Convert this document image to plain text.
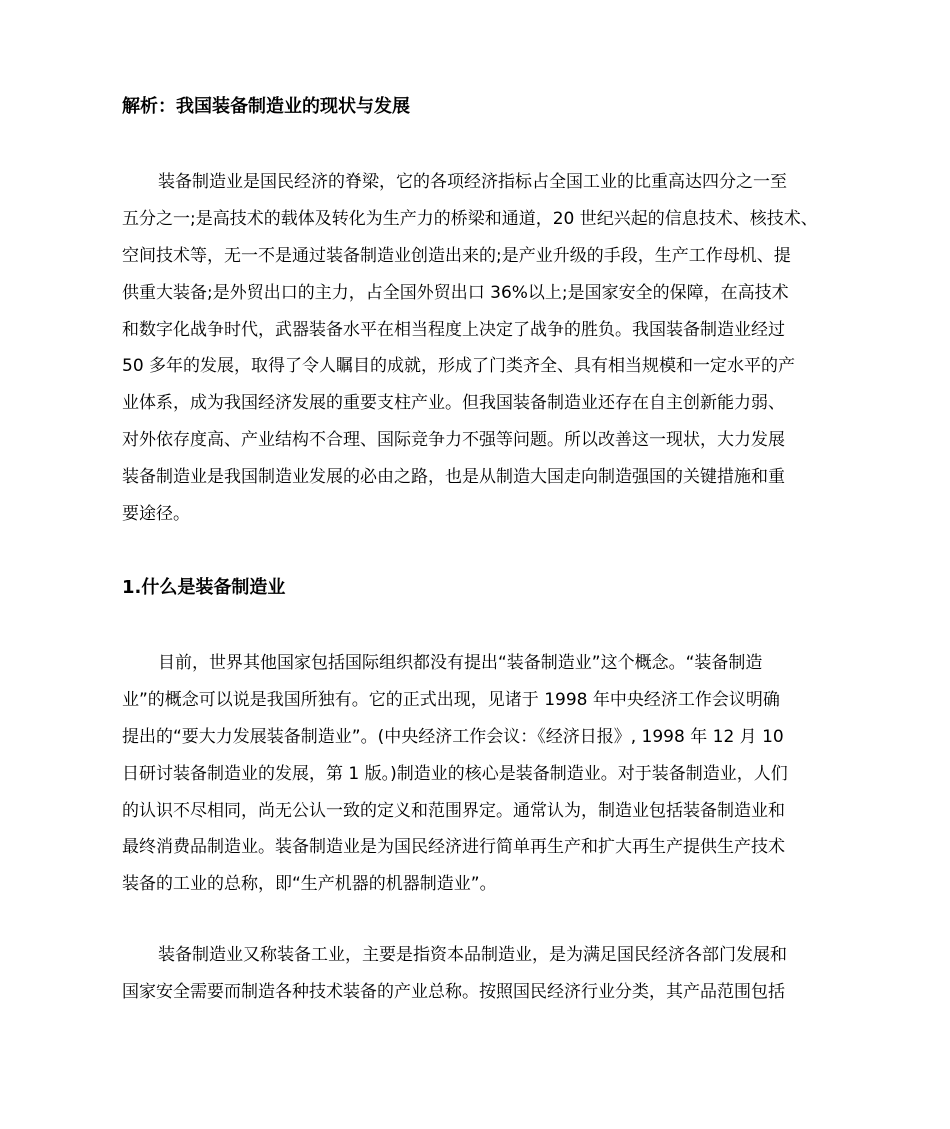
解析：我国装备制造业的现状与发展
装备制造业是国民经济的脊梁，它的各项经济指标占全国工业的比重高达四分之一至
五分之一;是高技术的载体及转化为生产力的桥梁和通道，20 世纪兴起的信息技术、核技术、
空间技术等，无一不是通过装备制造业创造出来的;是产业升级的手段，生产工作母机、提
供重大装备;是外贸出口的主力，占全国外贸出口 36%以上;是国家安全的保障，在高技术
和数字化战争时代，武器装备水平在相当程度上决定了战争的胜负。我国装备制造业经过
50 多年的发展，取得了令人瞩目的成就，形成了门类齐全、具有相当规模和一定水平的产
业体系，成为我国经济发展的重要支柱产业。但我国装备制造业还存在自主创新能力弱、
对外依存度高、产业结构不合理、国际竞争力不强等问题。所以改善这一现状，大力发展
装备制造业是我国制造业发展的必由之路，也是从制造大国走向制造强国的关键措施和重
要途径。
1.什么是装备制造业
目前，世界其他国家包括国际组织都没有提出“装备制造业”这个概念。“装备制造
业”的概念可以说是我国所独有。它的正式出现，见诸于 1998 年中央经济工作会议明确
提出的“要大力发展装备制造业”。(中央经济工作会议：《经济日报》, 1998 年 12 月 10
日研讨装备制造业的发展，第 1 版。)制造业的核心是装备制造业。对于装备制造业，人们
的认识不尽相同，尚无公认一致的定义和范围界定。通常认为，制造业包括装备制造业和
最终消费品制造业。装备制造业是为国民经济进行简单再生产和扩大再生产提供生产技术
装备的工业的总称，即“生产机器的机器制造业”。
装备制造业又称装备工业，主要是指资本品制造业，是为满足国民经济各部门发展和
国家安全需要而制造各种技术装备的产业总称。按照国民经济行业分类，其产品范围包括
